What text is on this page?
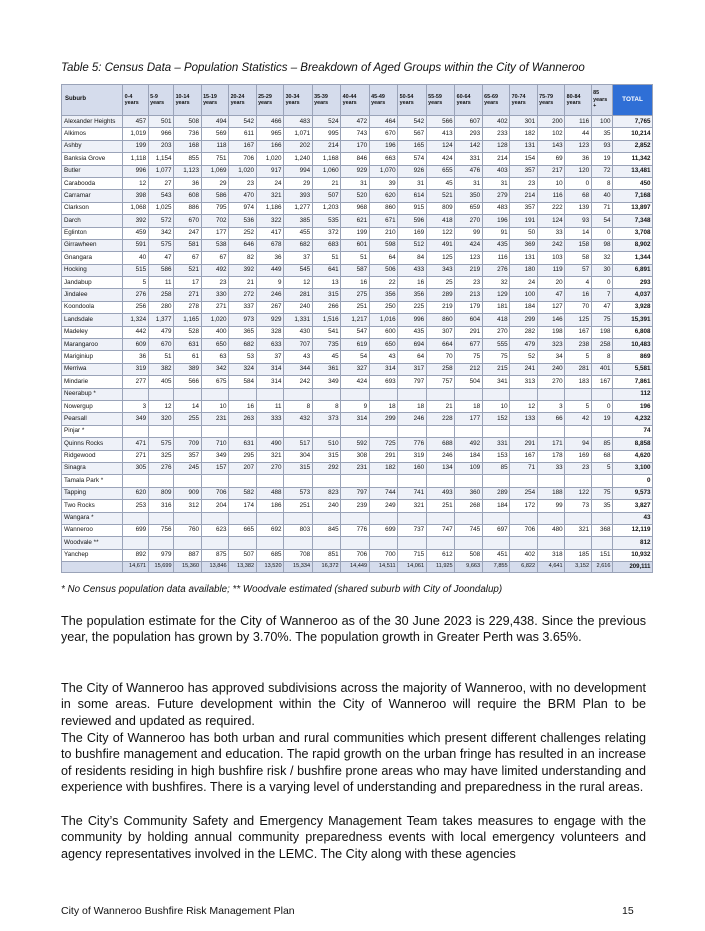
Table 5: Census Data – Population Statistics – Breakdown of Aged Groups within the City of Wanneroo
Suburb	0-4 years	5-9 years	10-14 years	15-19 years	20-24 years	25-29 years	30-34 years	35-39 years	40-44 years	45-49 years	50-54 years	55-59 years	60-64 years	65-69 years	70-74 years	75-79 years	80-84 years	85 years +	TOTAL
Alexander Heights	457	501	508	494	542	466	483	524	472	464	542	566	607	402	301	200	116	100	7,765
Alkimos	1,019	966	736	569	611	965	1,071	995	743	670	567	413	293	233	182	102	44	35	10,214
Ashby	199	203	168	118	167	166	202	214	170	196	165	124	142	128	131	143	123	93	2,852
Banksia Grove	1,118	1,154	855	751	706	1,020	1,240	1,168	846	663	574	424	331	214	154	69	36	19	11,342
Butler	996	1,077	1,123	1,069	1,020	917	994	1,060	929	1,070	926	655	476	403	357	217	120	72	13,481
Carabooda	12	27	36	29	23	24	29	21	31	39	31	45	31	31	23	10	0	8	450
Carramar	398	543	608	586	470	321	393	507	520	620	614	521	350	279	214	116	68	40	7,168
Clarkson	1,068	1,025	886	795	974	1,186	1,277	1,203	968	860	915	809	659	483	357	222	139	71	13,897
Darch	392	572	670	702	536	322	385	535	621	671	596	418	270	196	191	124	93	54	7,348
Eglinton	459	342	247	177	252	417	455	372	199	210	169	122	99	91	50	33	14	0	3,708
Girrawheen	591	575	581	538	646	678	682	683	601	598	512	491	424	435	369	242	158	98	8,902
Gnangara	40	47	67	67	82	36	37	51	51	64	84	125	123	116	131	103	58	32	1,344
Hocking	515	586	521	492	392	449	545	641	587	506	433	343	219	276	180	119	57	30	6,891
Jandabup	5	11	17	23	21	9	12	13	16	22	16	25	23	32	24	20	4	0	293
Jindalee	276	258	271	330	272	246	281	315	275	356	356	289	213	129	100	47	16	7	4,037
Koondoola	256	280	278	271	337	267	240	266	251	250	225	219	179	181	184	127	70	47	3,928
Landsdale	1,324	1,377	1,165	1,020	973	929	1,331	1,516	1,217	1,016	996	860	604	418	299	146	125	75	15,391
Madeley	442	479	528	400	365	328	430	541	547	600	435	307	291	270	282	198	167	198	6,808
Marangaroo	609	670	631	650	682	633	707	735	619	650	694	664	677	555	479	323	238	258	10,483
Mariginiup	36	51	61	63	53	37	43	45	54	43	64	70	75	75	52	34	5	8	869
Merriwa	319	382	389	342	324	314	344	361	327	314	317	258	212	215	241	240	281	401	5,581
Mindarie	277	405	566	675	584	314	242	349	424	693	797	757	504	341	313	270	183	167	7,861
Neerabup *																			112
Nowergup	3	12	14	10	16	11	8	8	9	18	18	21	18	10	12	3	5	0	196
Pearsall	349	320	255	231	263	333	432	373	314	299	246	228	177	152	133	66	42	19	4,232
Pinjar *																			74
Quinns Rocks	471	575	709	710	631	490	517	510	592	725	776	688	492	331	291	171	94	85	8,858
Ridgewood	271	325	357	349	295	321	304	315	308	291	319	246	184	153	167	178	169	68	4,620
Sinagra	305	276	245	157	207	270	315	292	231	182	160	134	109	85	71	33	23	5	3,100
Tamala Park *																			0
Tapping	620	809	909	706	582	488	573	823	797	744	741	493	360	289	254	188	122	75	9,573
Two Rocks	253	316	312	204	174	186	251	240	239	249	321	251	268	184	172	99	73	35	3,827
Wangara *																			43
Wanneroo	699	756	760	623	665	692	803	845	776	699	737	747	745	697	706	480	321	368	12,119
Woodvale **																			812
Yanchep	892	979	887	875	507	685	708	851	706	700	715	612	508	451	402	318	185	151	10,932
	14,671	15,699	15,360	13,846	13,382	13,520	15,334	16,372	14,449	14,511	14,061	11,925	9,663	7,855	6,822	4,641	3,152	2,616	209,111
* No Census population data available; ** Woodvale estimated (shared suburb with City of Joondalup)

The population estimate for the City of Wanneroo as of the 30 June 2023 is 229,438. Since the previous year, the population has grown by 3.70%. The population growth in Greater Perth was 3.65%.

The City of Wanneroo has approved subdivisions across the majority of Wanneroo, with no development in some areas. Future development within the City of Wanneroo will require the BRM Plan to be reviewed and updated as required.

The City of Wanneroo has both urban and rural communities which present different challenges relating to bushfire management and education. The rapid growth on the urban fringe has resulted in an increase of residents residing in high bushfire risk / bushfire prone areas who may have limited understanding and experience with bushfires. There is a varying level of understanding and preparedness in the rural areas.

The City’s Community Safety and Emergency Management Team takes measures to engage with the community by holding annual community preparedness events with local emergency volunteers and agency representatives involved in the LEMC. The City along with these agencies

City of Wanneroo Bushfire Risk Management Plan	15
